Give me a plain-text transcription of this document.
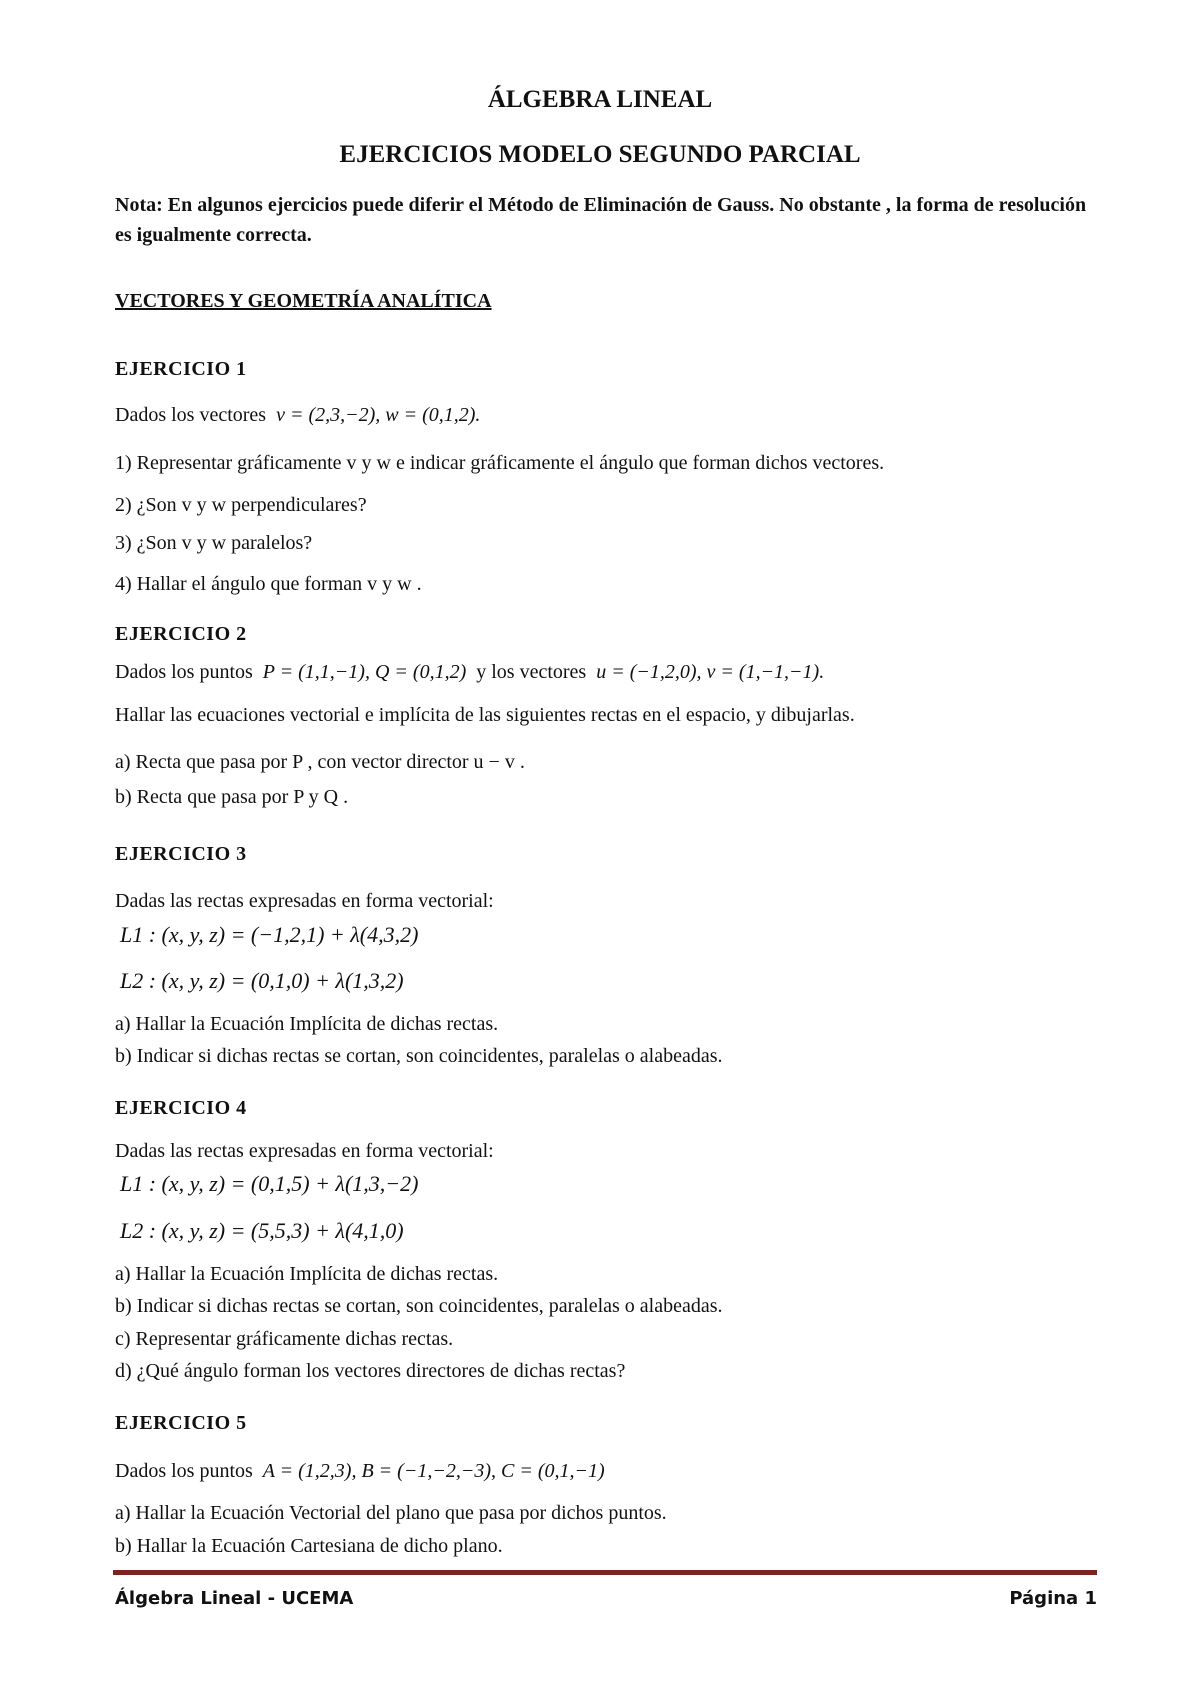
ÁLGEBRA LINEAL
EJERCICIOS MODELO SEGUNDO PARCIAL
Nota: En algunos ejercicios puede diferir el Método de Eliminación de Gauss. No obstante , la forma de resolución es igualmente correcta.
VECTORES Y GEOMETRÍA ANALÍTICA
EJERCICIO 1
Dados los vectores v = (2,3,−2), w = (0,1,2).
1) Representar gráficamente v y w e indicar gráficamente el ángulo que forman dichos vectores.
2) ¿Son v y w perpendiculares?
3) ¿Son v y w paralelos?
4) Hallar el ángulo que forman v y w .
EJERCICIO 2
Dados los puntos P = (1,1,−1), Q = (0,1,2) y los vectores u = (−1,2,0), v = (1,−1,−1).
Hallar las ecuaciones vectorial e implícita de las siguientes rectas en el espacio, y dibujarlas.
a) Recta que pasa por P , con vector director u − v .
b) Recta que pasa por P y Q .
EJERCICIO 3
Dadas las rectas expresadas en forma vectorial:
L1 : (x, y, z) = (−1,2,1) + λ(4,3,2)
L2 : (x, y, z) = (0,1,0) + λ(1,3,2)
a) Hallar la Ecuación Implícita de dichas rectas.
b) Indicar si dichas rectas se cortan, son coincidentes, paralelas o alabeadas.
EJERCICIO 4
Dadas las rectas expresadas en forma vectorial:
L1 : (x, y, z) = (0,1,5) + λ(1,3,−2)
L2 : (x, y, z) = (5,5,3) + λ(4,1,0)
a) Hallar la Ecuación Implícita de dichas rectas.
b) Indicar si dichas rectas se cortan, son coincidentes, paralelas o alabeadas.
c) Representar gráficamente dichas rectas.
d) ¿Qué ángulo forman los vectores directores de dichas rectas?
EJERCICIO 5
Dados los puntos A = (1,2,3), B = (−1,−2,−3), C = (0,1,−1)
a) Hallar la Ecuación Vectorial del plano que pasa por dichos puntos.
b) Hallar la Ecuación Cartesiana de dicho plano.
Álgebra Lineal - UCEMA	Página 1
